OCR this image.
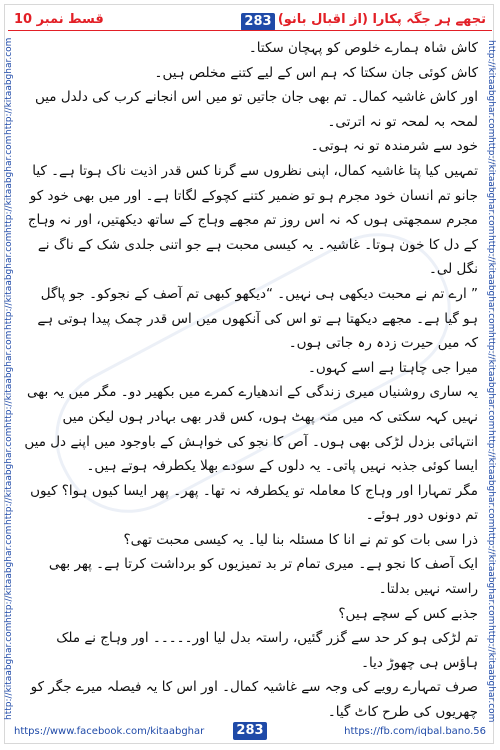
قسط نمبر 10	283 تجھے ہر جگہ پکارا (از اقبال بانو)
http://kitaabghar.com
http://kitaabghar.com
http://kitaabghar.com
http://kitaabghar.com
http://kitaabghar.com
http://kitaabghar.com
http://kitaabghar.com	http://kitaabghar.com
http://kitaabghar.com
http://kitaabghar.com
http://kitaabghar.com
http://kitaabghar.com
http://kitaabghar.com
http://kitaabghar.com

کاش شاہ ہمارے خلوص کو پہچان سکتا۔

کاش کوئی جان سکتا کہ ہم اس کے لیے کتنے مخلص ہیں۔

اور کاش غاشیہ کمال۔ تم بھی جان جاتیں تو میں اس انجانے کرب کی دلدل میں لمحہ بہ لمحہ تو نہ اترتی۔

خود سے شرمندہ تو نہ ہوتی۔

تمہیں کیا پتا غاشیہ کمال، اپنی نظروں سے گرنا کس قدر اذیت ناک ہوتا ہے۔ کیا جانو تم انسان خود مجرم ہو تو ضمیر کتنے کچوکے لگاتا ہے۔ اور میں بھی خود کو مجرم سمجھتی ہوں کہ نہ اس روز تم مجھے وہاج کے ساتھ دیکھتیں، اور نہ وہاج کے دل کا خون ہوتا۔ غاشیہ۔ یہ کیسی محبت ہے جو اتنی جلدی شک کے ناگ نے نگل لی۔

” ارے تم نے محبت دیکھی ہی نہیں۔ “دیکھو کبھی تم آصف کے نجوکو۔ جو پاگل ہو گیا ہے۔ مجھے دیکھتا ہے تو اس کی آنکھوں میں اس قدر چمک پیدا ہوتی ہے کہ میں حیرت زدہ رہ جاتی ہوں۔

میرا جی چاہتا ہے اسے کہوں۔

یہ ساری روشنیاں میری زندگی کے اندھیارے کمرے میں بکھیر دو۔ مگر میں یہ بھی نہیں کہہ سکتی کہ میں منہ پھٹ ہوں، کس قدر بھی بہادر ہوں لیکن میں انتہائی بزدل لڑکی بھی ہوں۔ آص کا نجو کی خواہش کے باوجود میں اپنے دل میں ایسا کوئی جذبہ نہیں پاتی۔ یہ دلوں کے سودے بھلا یکطرفہ ہوتے ہیں۔

مگر تمہارا اور وہاج کا معاملہ تو یکطرفہ نہ تھا۔ پھر۔ پھر ایسا کیوں ہوا؟ کیوں تم دونوں دور ہوئے۔

ذرا سی بات کو تم نے انا کا مسئلہ بنا لیا۔ یہ کیسی محبت تھی؟

ایک آصف کا نجو ہے۔ میری تمام تر بد تمیزیوں کو برداشت کرتا ہے۔ پھر بھی راستہ نہیں بدلتا۔

جذبے کس کے سچے ہیں؟

تم لڑکی ہو کر حد سے گزر گئیں، راستہ بدل لیا اور۔۔۔۔۔ اور وہاج نے ملک ہاؤس ہی چھوڑ دیا۔

صرف تمہارے رویے کی وجہ سے غاشیہ کمال۔ اور اس کا یہ فیصلہ میرے جگر کو چھریوں کی طرح کاٹ گیا۔

https://www.facebook.com/kitaabghar 283	https://fb.com/iqbal.bano.56
